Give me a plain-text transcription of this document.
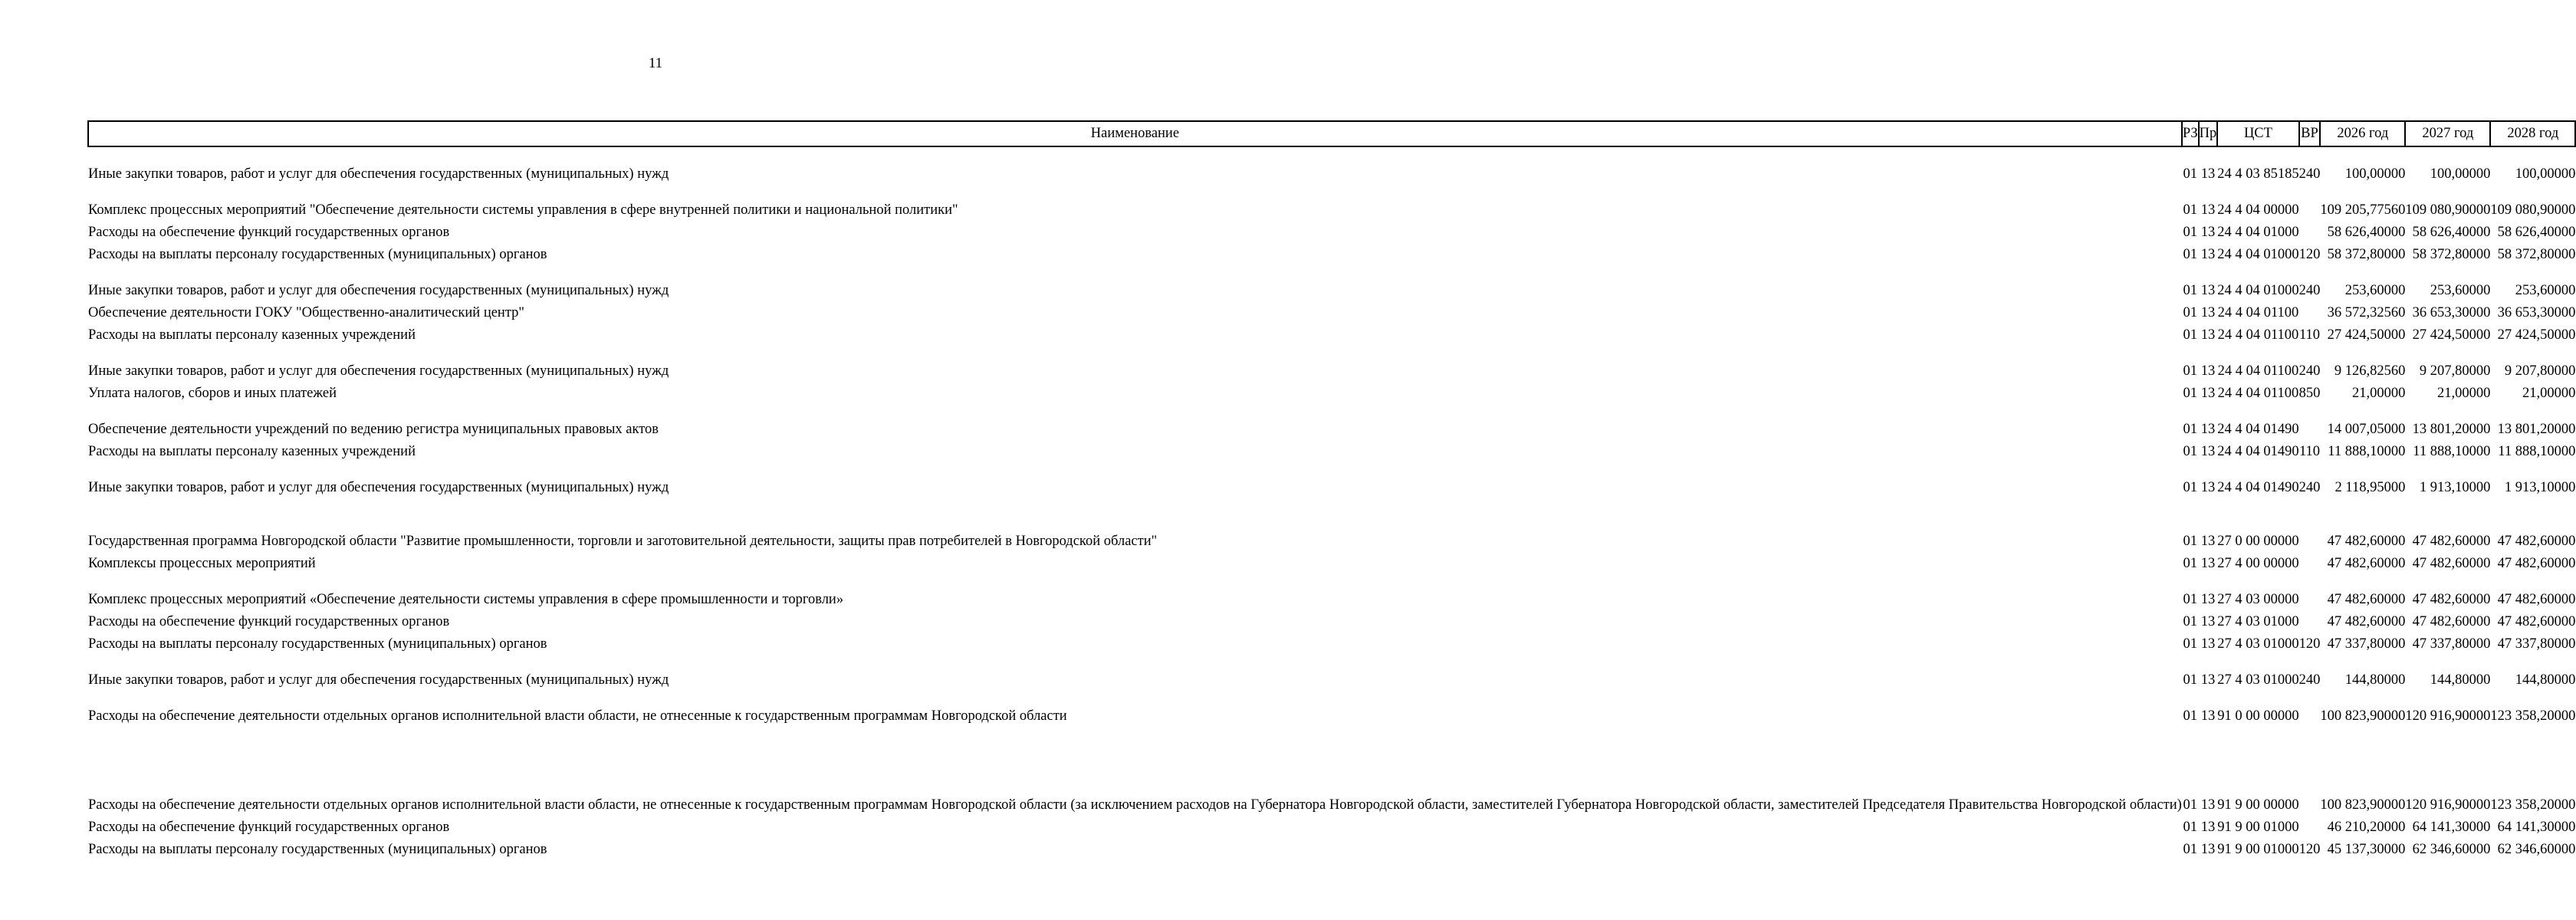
11
Наименование	РЗ	Пр	ЦСТ	ВР	2026 год	2027 год	2028 год
Иные закупки товаров, работ и услуг для обеспечения государственных (муниципальных) нужд	01	13	24 4 03 85185	240	100,00000	100,00000	100,00000
Комплекс процессных мероприятий "Обеспечение деятельности системы управления в сфере внутренней политики и национальной политики"	01	13	24 4 04 00000		109 205,77560	109 080,90000	109 080,90000
Расходы на обеспечение функций государственных органов	01	13	24 4 04 01000		58 626,40000	58 626,40000	58 626,40000
Расходы на выплаты персоналу государственных (муниципальных) органов	01	13	24 4 04 01000	120	58 372,80000	58 372,80000	58 372,80000
Иные закупки товаров, работ и услуг для обеспечения государственных (муниципальных) нужд	01	13	24 4 04 01000	240	253,60000	253,60000	253,60000
Обеспечение деятельности ГОКУ "Общественно-аналитический центр"	01	13	24 4 04 01100		36 572,32560	36 653,30000	36 653,30000
Расходы на выплаты персоналу казенных учреждений	01	13	24 4 04 01100	110	27 424,50000	27 424,50000	27 424,50000
Иные закупки товаров, работ и услуг для обеспечения государственных (муниципальных) нужд	01	13	24 4 04 01100	240	9 126,82560	9 207,80000	9 207,80000
Уплата налогов, сборов и иных платежей	01	13	24 4 04 01100	850	21,00000	21,00000	21,00000
Обеспечение деятельности учреждений по ведению регистра муниципальных правовых актов	01	13	24 4 04 01490		14 007,05000	13 801,20000	13 801,20000
Расходы на выплаты персоналу казенных учреждений	01	13	24 4 04 01490	110	11 888,10000	11 888,10000	11 888,10000
Иные закупки товаров, работ и услуг для обеспечения государственных (муниципальных) нужд	01	13	24 4 04 01490	240	2 118,95000	1 913,10000	1 913,10000
Государственная программа Новгородской области "Развитие промышленности, торговли и заготовительной деятельности, защиты прав потребителей в Новгородской области"	01	13	27 0 00 00000		47 482,60000	47 482,60000	47 482,60000
Комплексы процессных мероприятий	01	13	27 4 00 00000		47 482,60000	47 482,60000	47 482,60000
Комплекс процессных мероприятий «Обеспечение деятельности системы управления в сфере промышленности и торговли»	01	13	27 4 03 00000		47 482,60000	47 482,60000	47 482,60000
Расходы на обеспечение функций государственных органов	01	13	27 4 03 01000		47 482,60000	47 482,60000	47 482,60000
Расходы на выплаты персоналу государственных (муниципальных) органов	01	13	27 4 03 01000	120	47 337,80000	47 337,80000	47 337,80000
Иные закупки товаров, работ и услуг для обеспечения государственных (муниципальных) нужд	01	13	27 4 03 01000	240	144,80000	144,80000	144,80000
Расходы на обеспечение деятельности отдельных органов исполнительной власти области, не отнесенные к государственным программам Новгородской области	01	13	91 0 00 00000		100 823,90000	120 916,90000	123 358,20000
Расходы на обеспечение деятельности отдельных органов исполнительной власти области, не отнесенные к государственным программам Новгородской области (за исключением расходов на Губернатора Новгородской области, заместителей Губернатора Новгородской области, заместителей Председателя Правительства Новгородской области)	01	13	91 9 00 00000		100 823,90000	120 916,90000	123 358,20000
Расходы на обеспечение функций государственных органов	01	13	91 9 00 01000		46 210,20000	64 141,30000	64 141,30000
Расходы на выплаты персоналу государственных (муниципальных) органов	01	13	91 9 00 01000	120	45 137,30000	62 346,60000	62 346,60000
